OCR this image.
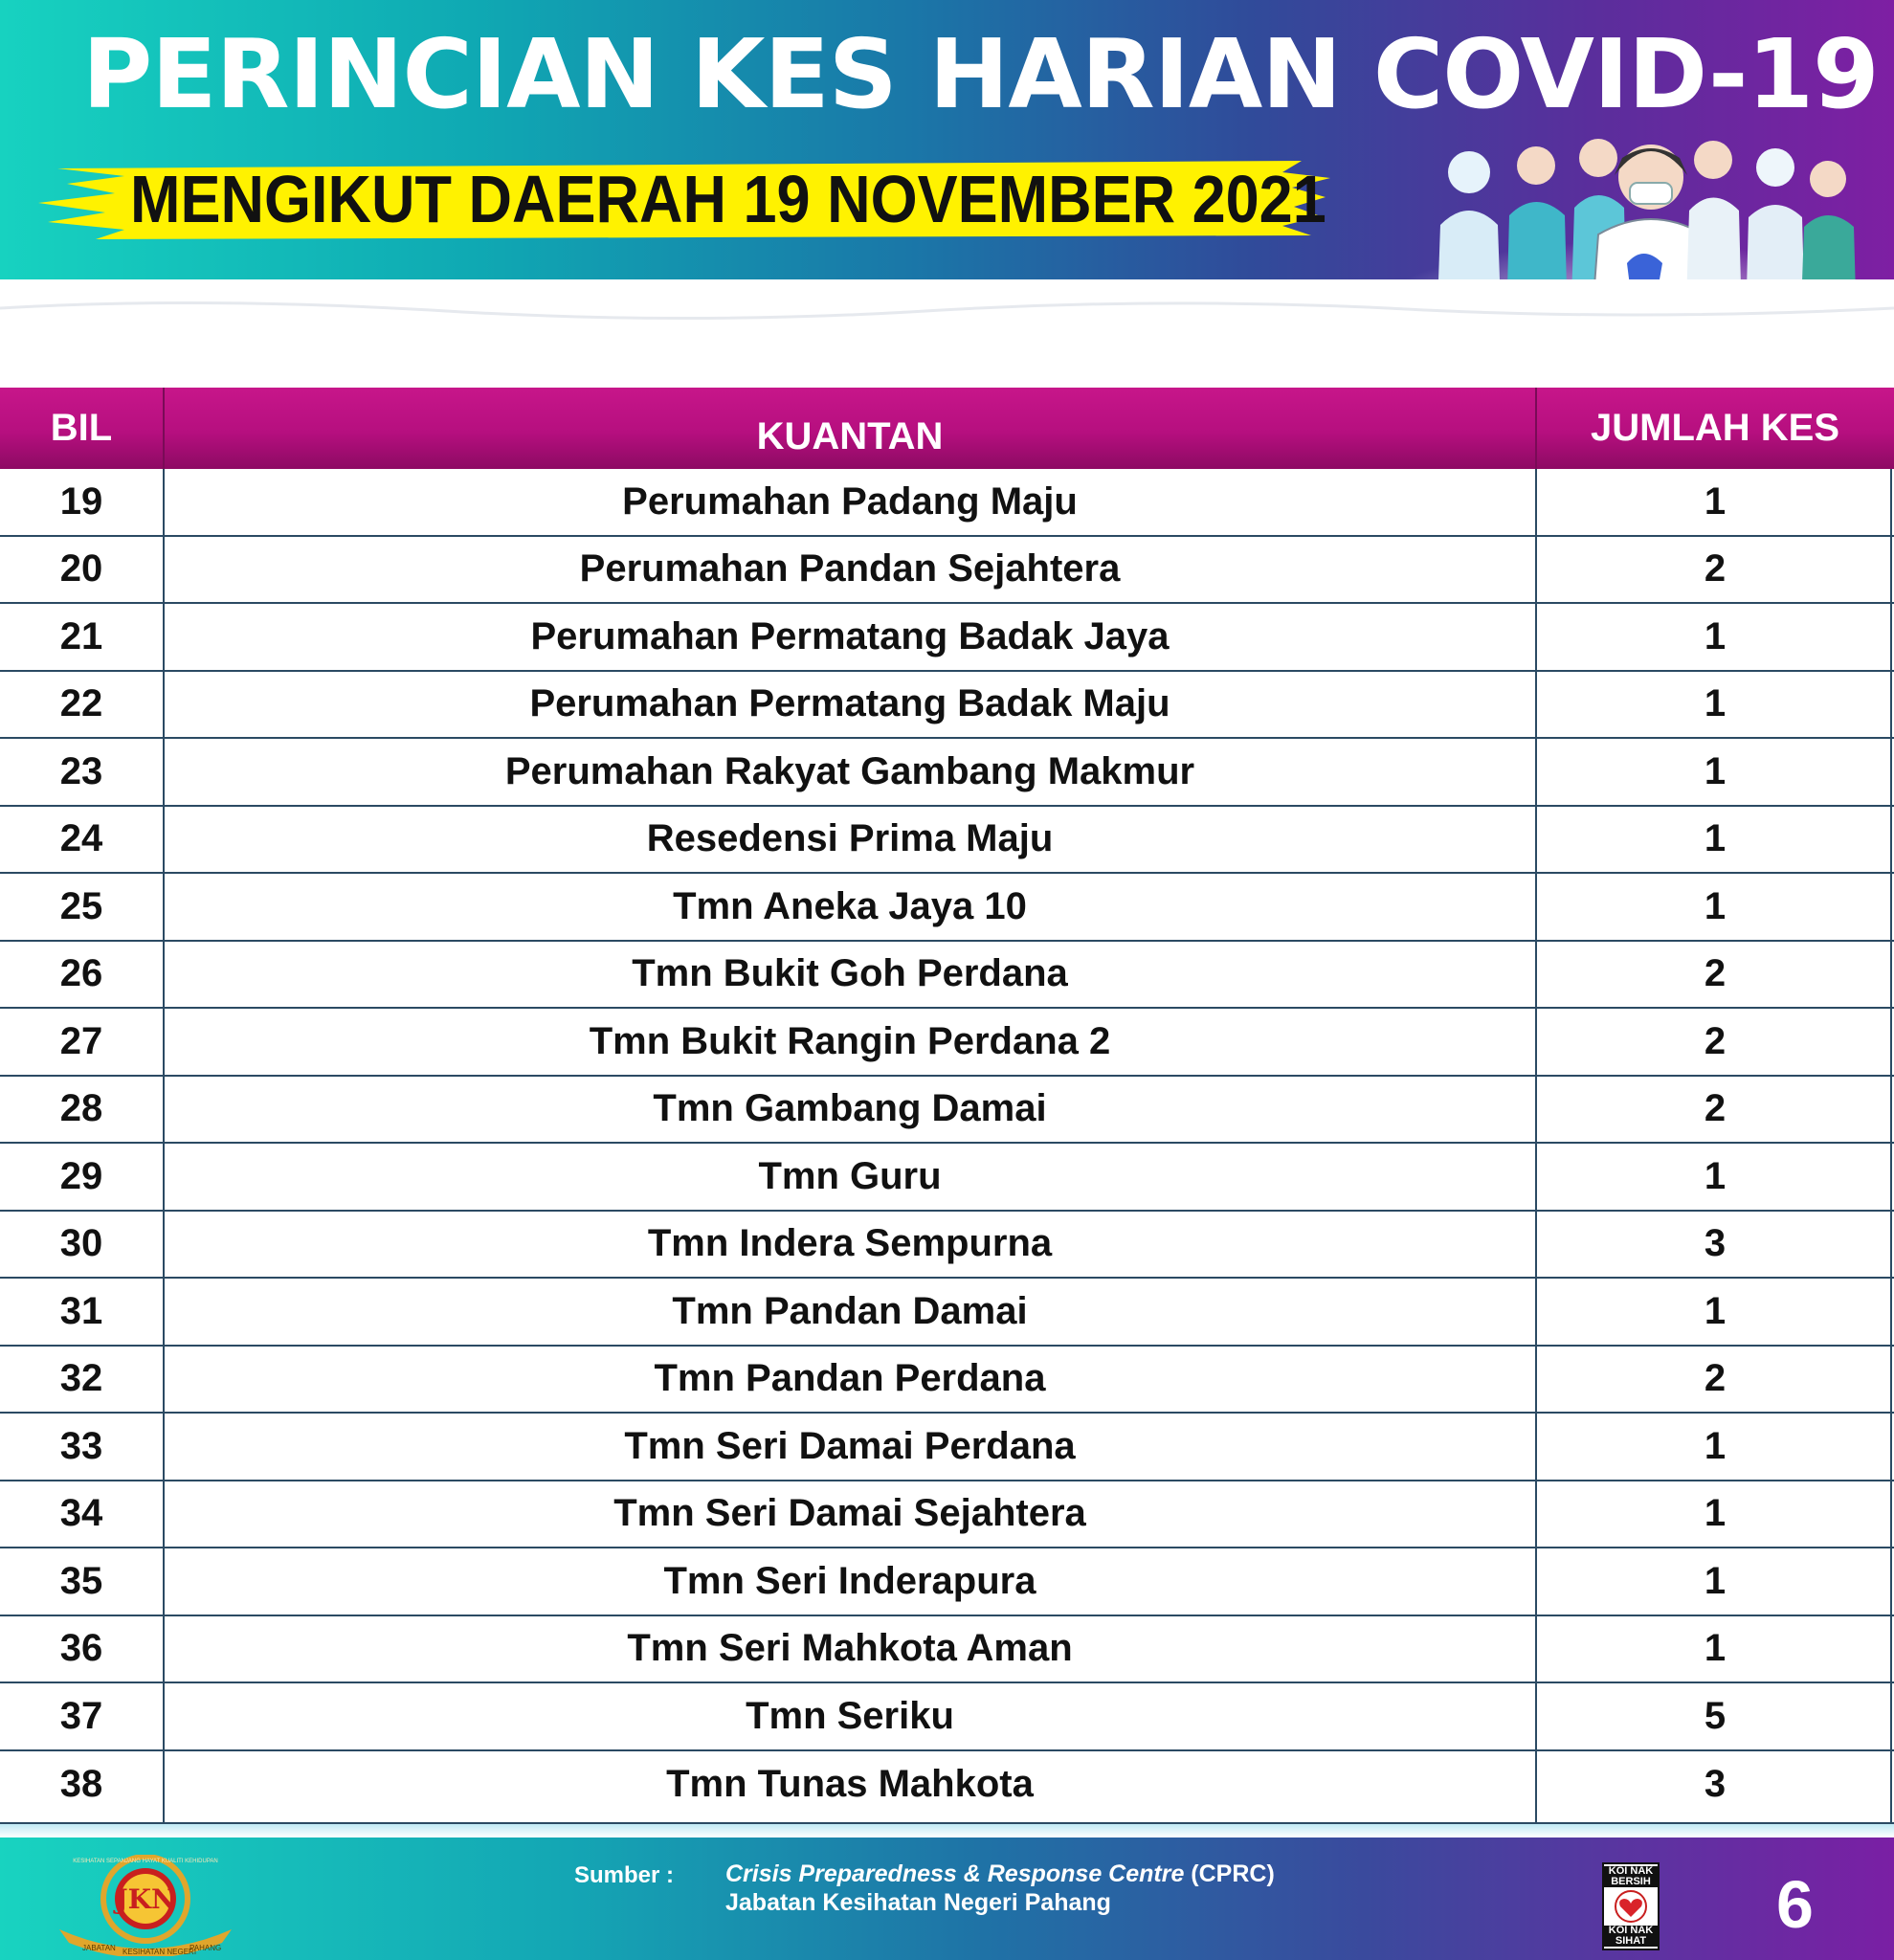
PERINCIAN KES HARIAN COVID-19
MENGIKUT DAERAH 19 NOVEMBER 2021
BIL	KUANTAN	JUMLAH KES
19	Perumahan Padang Maju	1
20	Perumahan Pandan Sejahtera	2
21	Perumahan Permatang Badak Jaya	1
22	Perumahan Permatang Badak Maju	1
23	Perumahan Rakyat Gambang Makmur	1
24	Resedensi Prima Maju	1
25	Tmn Aneka Jaya 10	1
26	Tmn Bukit Goh Perdana	2
27	Tmn Bukit Rangin Perdana 2	2
28	Tmn Gambang Damai	2
29	Tmn Guru	1
30	Tmn Indera Sempurna	3
31	Tmn Pandan Damai	1
32	Tmn Pandan Perdana	2
33	Tmn Seri Damai Perdana	1
34	Tmn Seri Damai Sejahtera	1
35	Tmn Seri Inderapura	1
36	Tmn Seri Mahkota Aman	1
37	Tmn Seriku	5
38	Tmn Tunas Mahkota	3
JKN
JABATAN KESIHATAN NEGERI
PAHANG
KESIHATAN SEPANJANG HAYAT KUALITI KEHIDUPAN
Sumber : Crisis Preparedness & Response Centre (CPRC)
Jabatan Kesihatan Negeri Pahang
KOI NAK
BERSIH
KOI NAK
SIHAT 6
